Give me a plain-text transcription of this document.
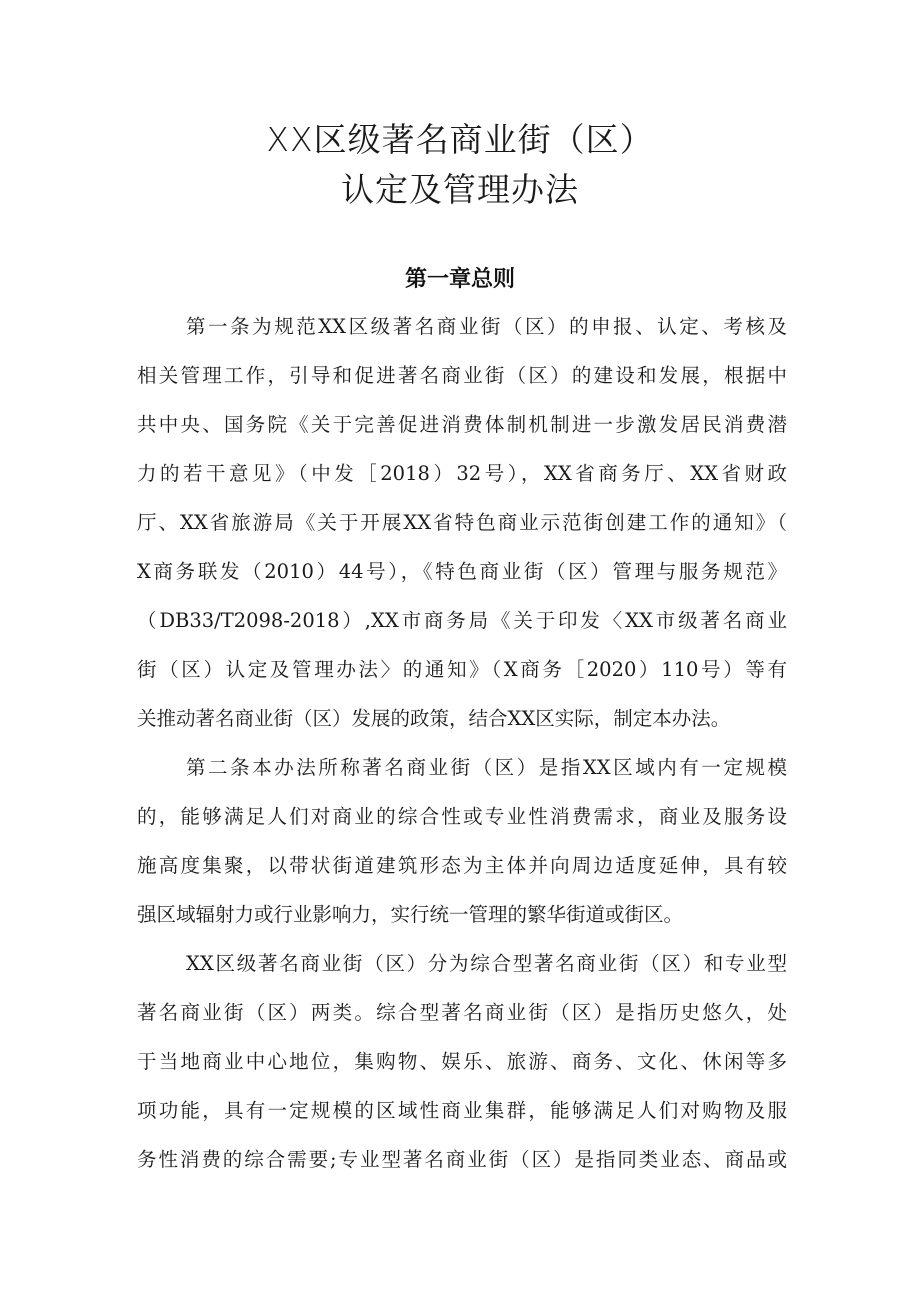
XX区级著名商业街（区）
认定及管理办法
第一章总则
第一条为规范XX区级著名商业街（区）的申报、认定、考核及
相关管理工作，引导和促进著名商业街（区）的建设和发展，根据中
共中央、国务院《关于完善促进消费体制机制进一步激发居民消费潜
力的若干意见》（中发［2018）32号），XX省商务厅、XX省财政
厅、XX省旅游局《关于开展XX省特色商业示范街创建工作的通知》（
X商务联发（2010）44号），《特色商业街（区）管理与服务规范》
（DB33/T2098-2018）,XX市商务局《关于印发〈XX市级著名商业
街（区）认定及管理办法〉的通知》（X商务［2020）110号）等有
关推动著名商业街（区）发展的政策，结合XX区实际，制定本办法。
第二条本办法所称著名商业街（区）是指XX区域内有一定规模
的，能够满足人们对商业的综合性或专业性消费需求，商业及服务设
施高度集聚，以带状街道建筑形态为主体并向周边适度延伸，具有较
强区域辐射力或行业影响力，实行统一管理的繁华街道或街区。
XX区级著名商业街（区）分为综合型著名商业街（区）和专业型
著名商业街（区）两类。综合型著名商业街（区）是指历史悠久，处
于当地商业中心地位，集购物、娱乐、旅游、商务、文化、休闲等多
项功能，具有一定规模的区域性商业集群，能够满足人们对购物及服
务性消费的综合需要;专业型著名商业街（区）是指同类业态、商品或
